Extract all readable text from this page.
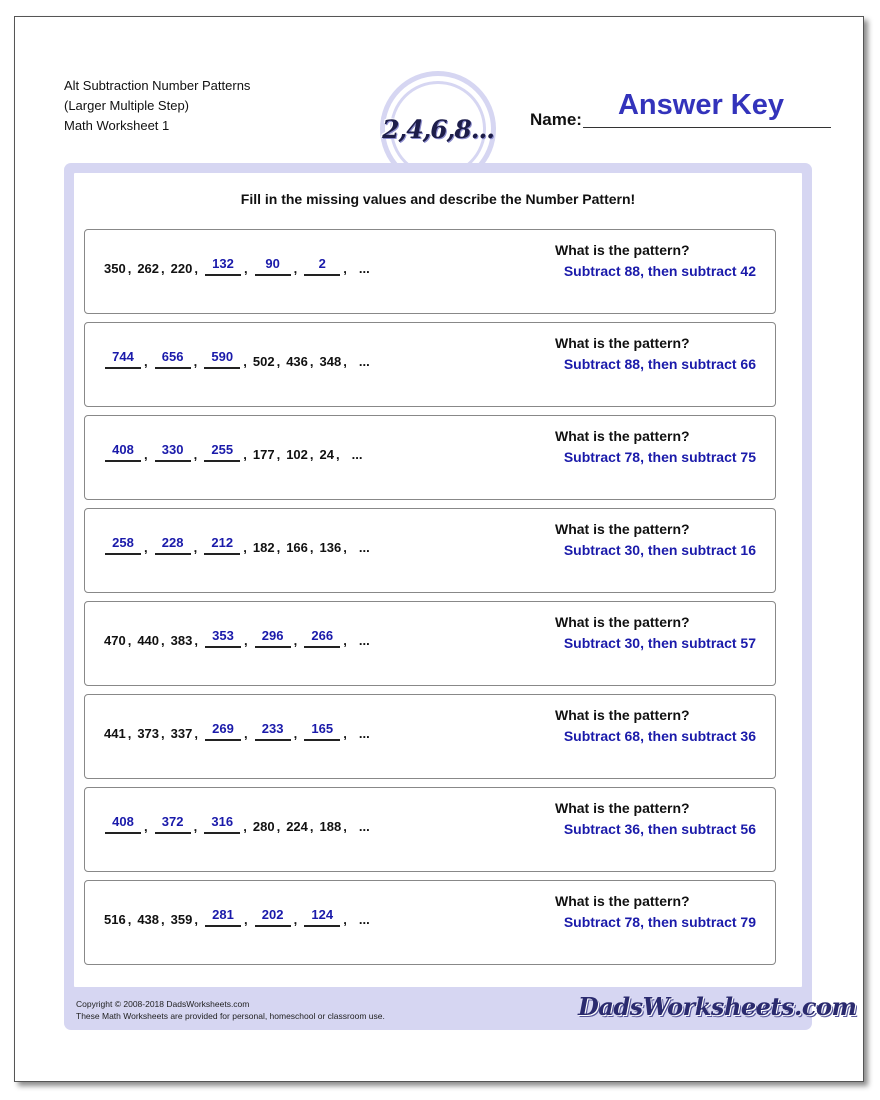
Alt Subtraction Number Patterns
(Larger Multiple Step)
Math Worksheet 1	2,4,6,8... Name:	Answer Key
Fill in the missing values and describe the Number Pattern!
350 , 262 , 220 ,	132 ,	90	,	2	, ...
What is the pattern?
Subtract 88, then subtract 42
744 ,	656 ,	590 , 502 , 436 , 348 , ...
What is the pattern?
Subtract 88, then subtract 66
408 ,	330 ,	255 , 177 , 102 , 24 , ...
What is the pattern?
Subtract 78, then subtract 75
258 ,	228 ,	212 , 182 , 166 , 136 , ...
What is the pattern?
Subtract 30, then subtract 16
470 , 440 , 383 ,	353 ,	296 ,	266 , ...
What is the pattern?
Subtract 30, then subtract 57
441 , 373 , 337 ,	269 ,	233 ,	165 , ...
What is the pattern?
Subtract 68, then subtract 36
408 ,	372 ,	316 , 280 , 224 , 188 , ...
What is the pattern?
Subtract 36, then subtract 56
516 , 438 , 359 ,	281 ,	202 ,	124 , ...
What is the pattern?
Subtract 78, then subtract 79
Copyright © 2008-2018 DadsWorksheets.com
These Math Worksheets are provided for personal, homeschool or classroom use.	DadsWorksheets.com
